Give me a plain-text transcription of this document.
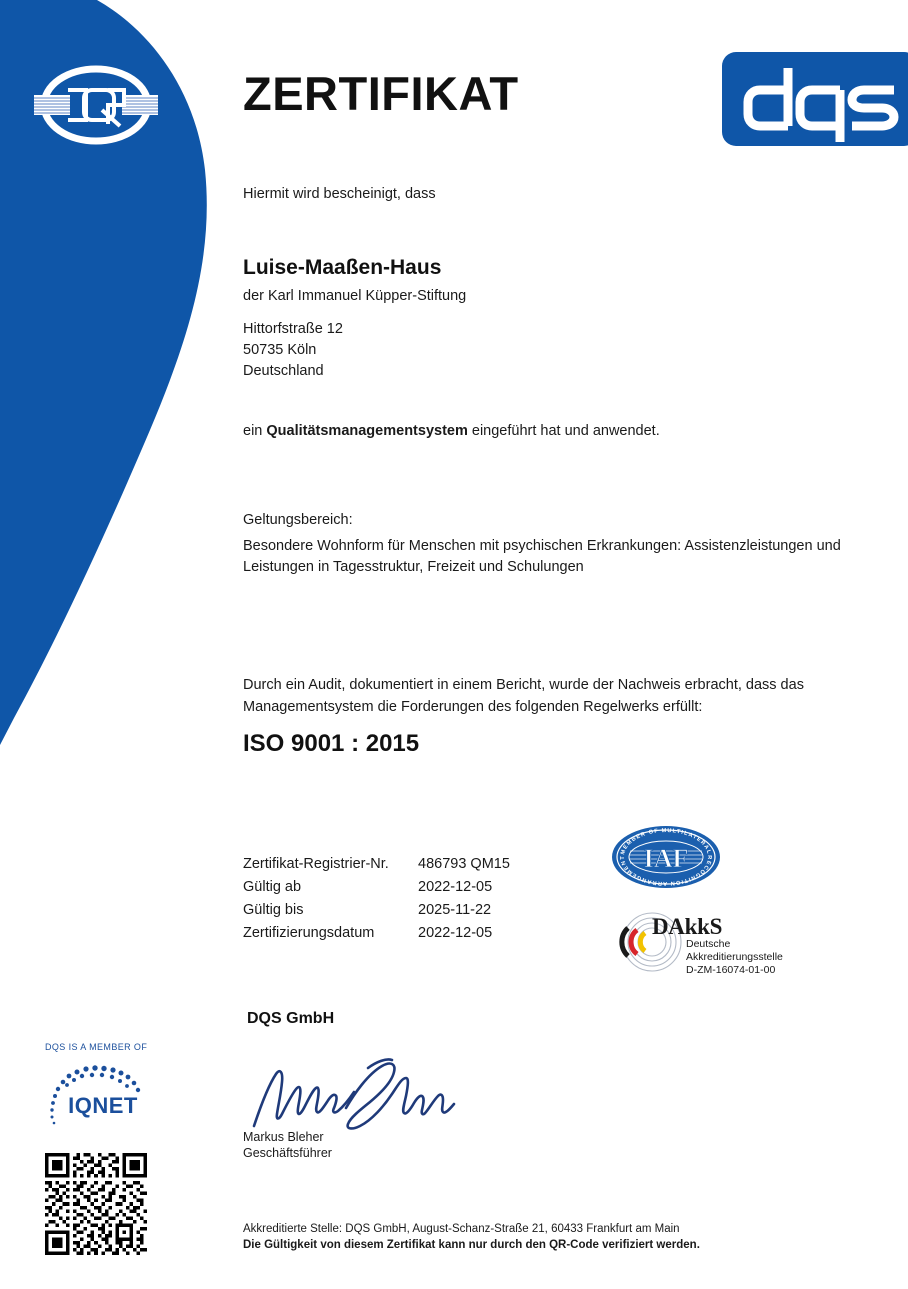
ZERTIFIKAT
Hiermit wird bescheinigt, dass
Luise-Maaßen-Haus
der Karl Immanuel Küpper-Stiftung
Hittorfstraße 12
50735 Köln
Deutschland
ein Qualitätsmanagementsystem eingeführt hat und anwendet.
Geltungsbereich:
Besondere Wohnform für Menschen mit psychischen Erkrankungen: Assistenzleistungen und Leistungen in Tagesstruktur, Freizeit und Schulungen
Durch ein Audit, dokumentiert in einem Bericht, wurde der Nachweis erbracht, dass das Managementsystem die Forderungen des folgenden Regelwerks erfüllt:
ISO 9001 : 2015
Zertifikat-Registrier-Nr.	486793 QM15
Gültig ab	2022-12-05
Gültig bis	2025-11-22
Zertifizierungsdatum	2022-12-05
IAF
MEMBER OF MULTILATERAL
RECOGNITION ARRANGEMENT
DAkkS
Deutsche
Akkreditierungsstelle
D-ZM-16074-01-00
DQS GmbH
Markus Bleher
Geschäftsführer
DQS IS A MEMBER OF
IQNET
Akkreditierte Stelle: DQS GmbH, August-Schanz-Straße 21, 60433 Frankfurt am Main
Die Gültigkeit von diesem Zertifikat kann nur durch den QR-Code verifiziert werden.
